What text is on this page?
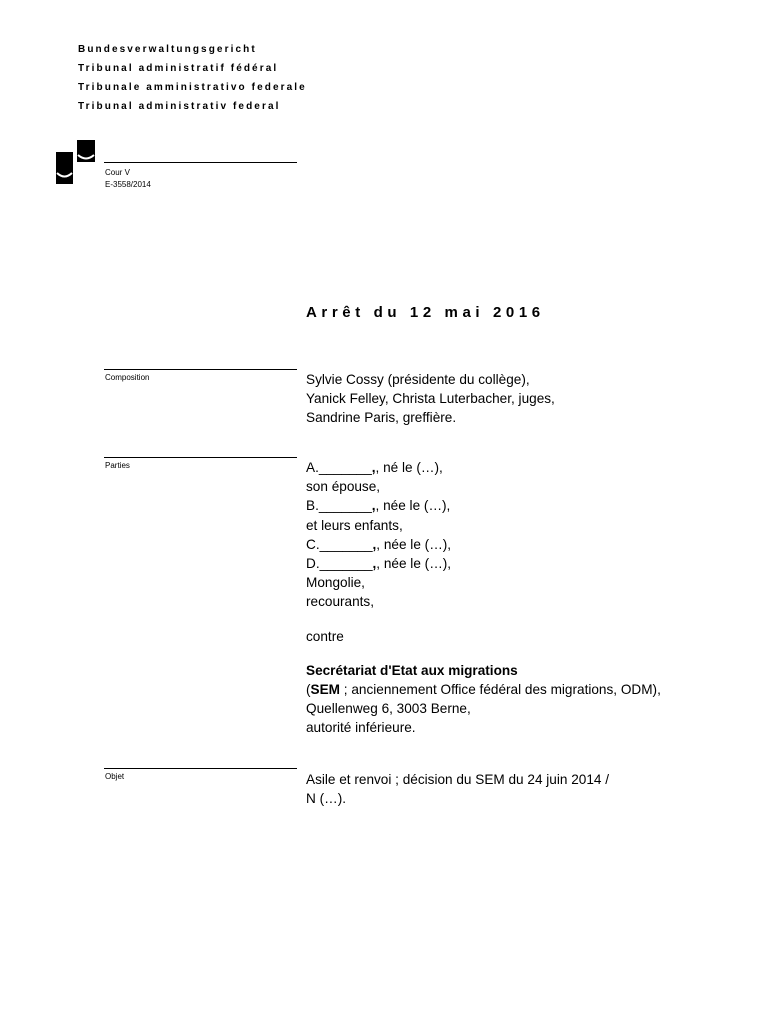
Bundesverwaltungsgericht
Tribunal administratif fédéral
Tribunale amministrativo federale
Tribunal administrativ federal
Cour V
E-3558/2014
Arrêt du 12 mai 2016
Composition	Sylvie Cossy (présidente du collège),
Yanick Felley, Christa Luterbacher, juges,
Sandrine Paris, greffière.
Parties	A._______,, né le (…),
son épouse,
B._______,, née le (…),
et leurs enfants,
C._______,, née le (…),
D._______,, née le (…),
Mongolie,
recourants,
contre
Secrétariat d'Etat aux migrations
(SEM ; anciennement Office fédéral des migrations, ODM),
Quellenweg 6, 3003 Berne,
autorité inférieure.
Objet	Asile et renvoi ; décision du SEM du 24 juin 2014 /
N (…).
